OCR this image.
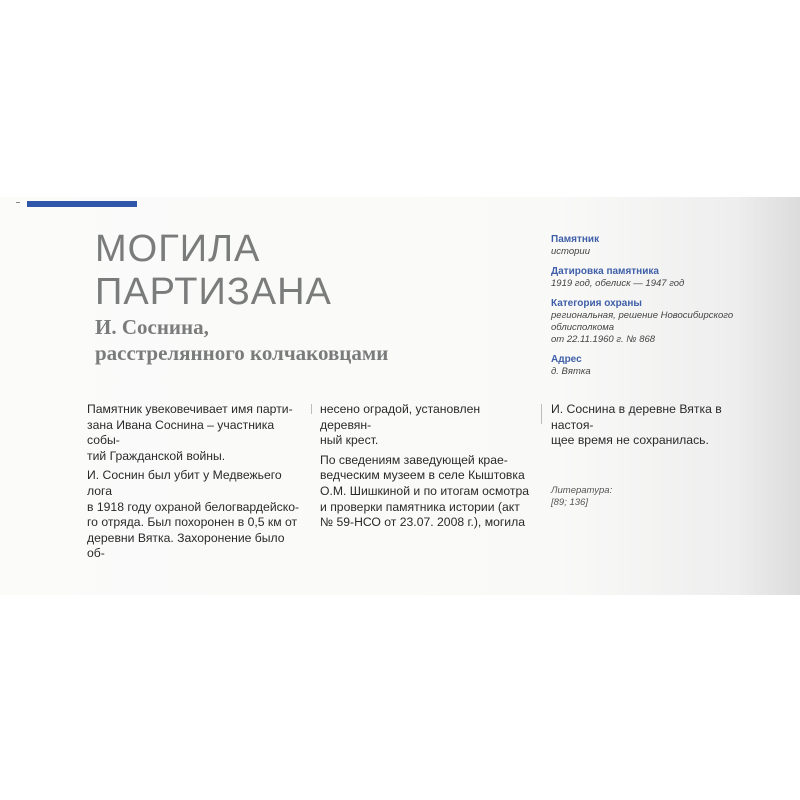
МОГИЛА
ПАРТИЗАНА
И. Соснина,
расстрелянного колчаковцами
Памятник
истории
Датировка памятника
1919 год, обелиск — 1947 год
Категория охраны
региональная, решение Новосибирского облисполкома
от 22.11.1960 г. № 868
Адрес
д. Вятка

Памятник увековечивает имя парти-
зана Ивана Соснина – участника собы-
тий Гражданской войны.

И. Соснин был убит у Медвежьего лога
в 1918 году охраной белогвардейско-
го отряда. Был похоронен в 0,5 км от
деревни Вятка. Захоронение было об-

несено оградой, установлен деревян-
ный крест.

По сведениям заведующей крае-
ведческим музеем в селе Кыштовка
О.М. Шишкиной и по итогам осмотра
и проверки памятника истории (акт
№ 59-НСО от 23.07. 2008 г.), могила

И. Соснина в деревне Вятка в настоя-
щее время не сохранилась.

Литература:
[89; 136]
